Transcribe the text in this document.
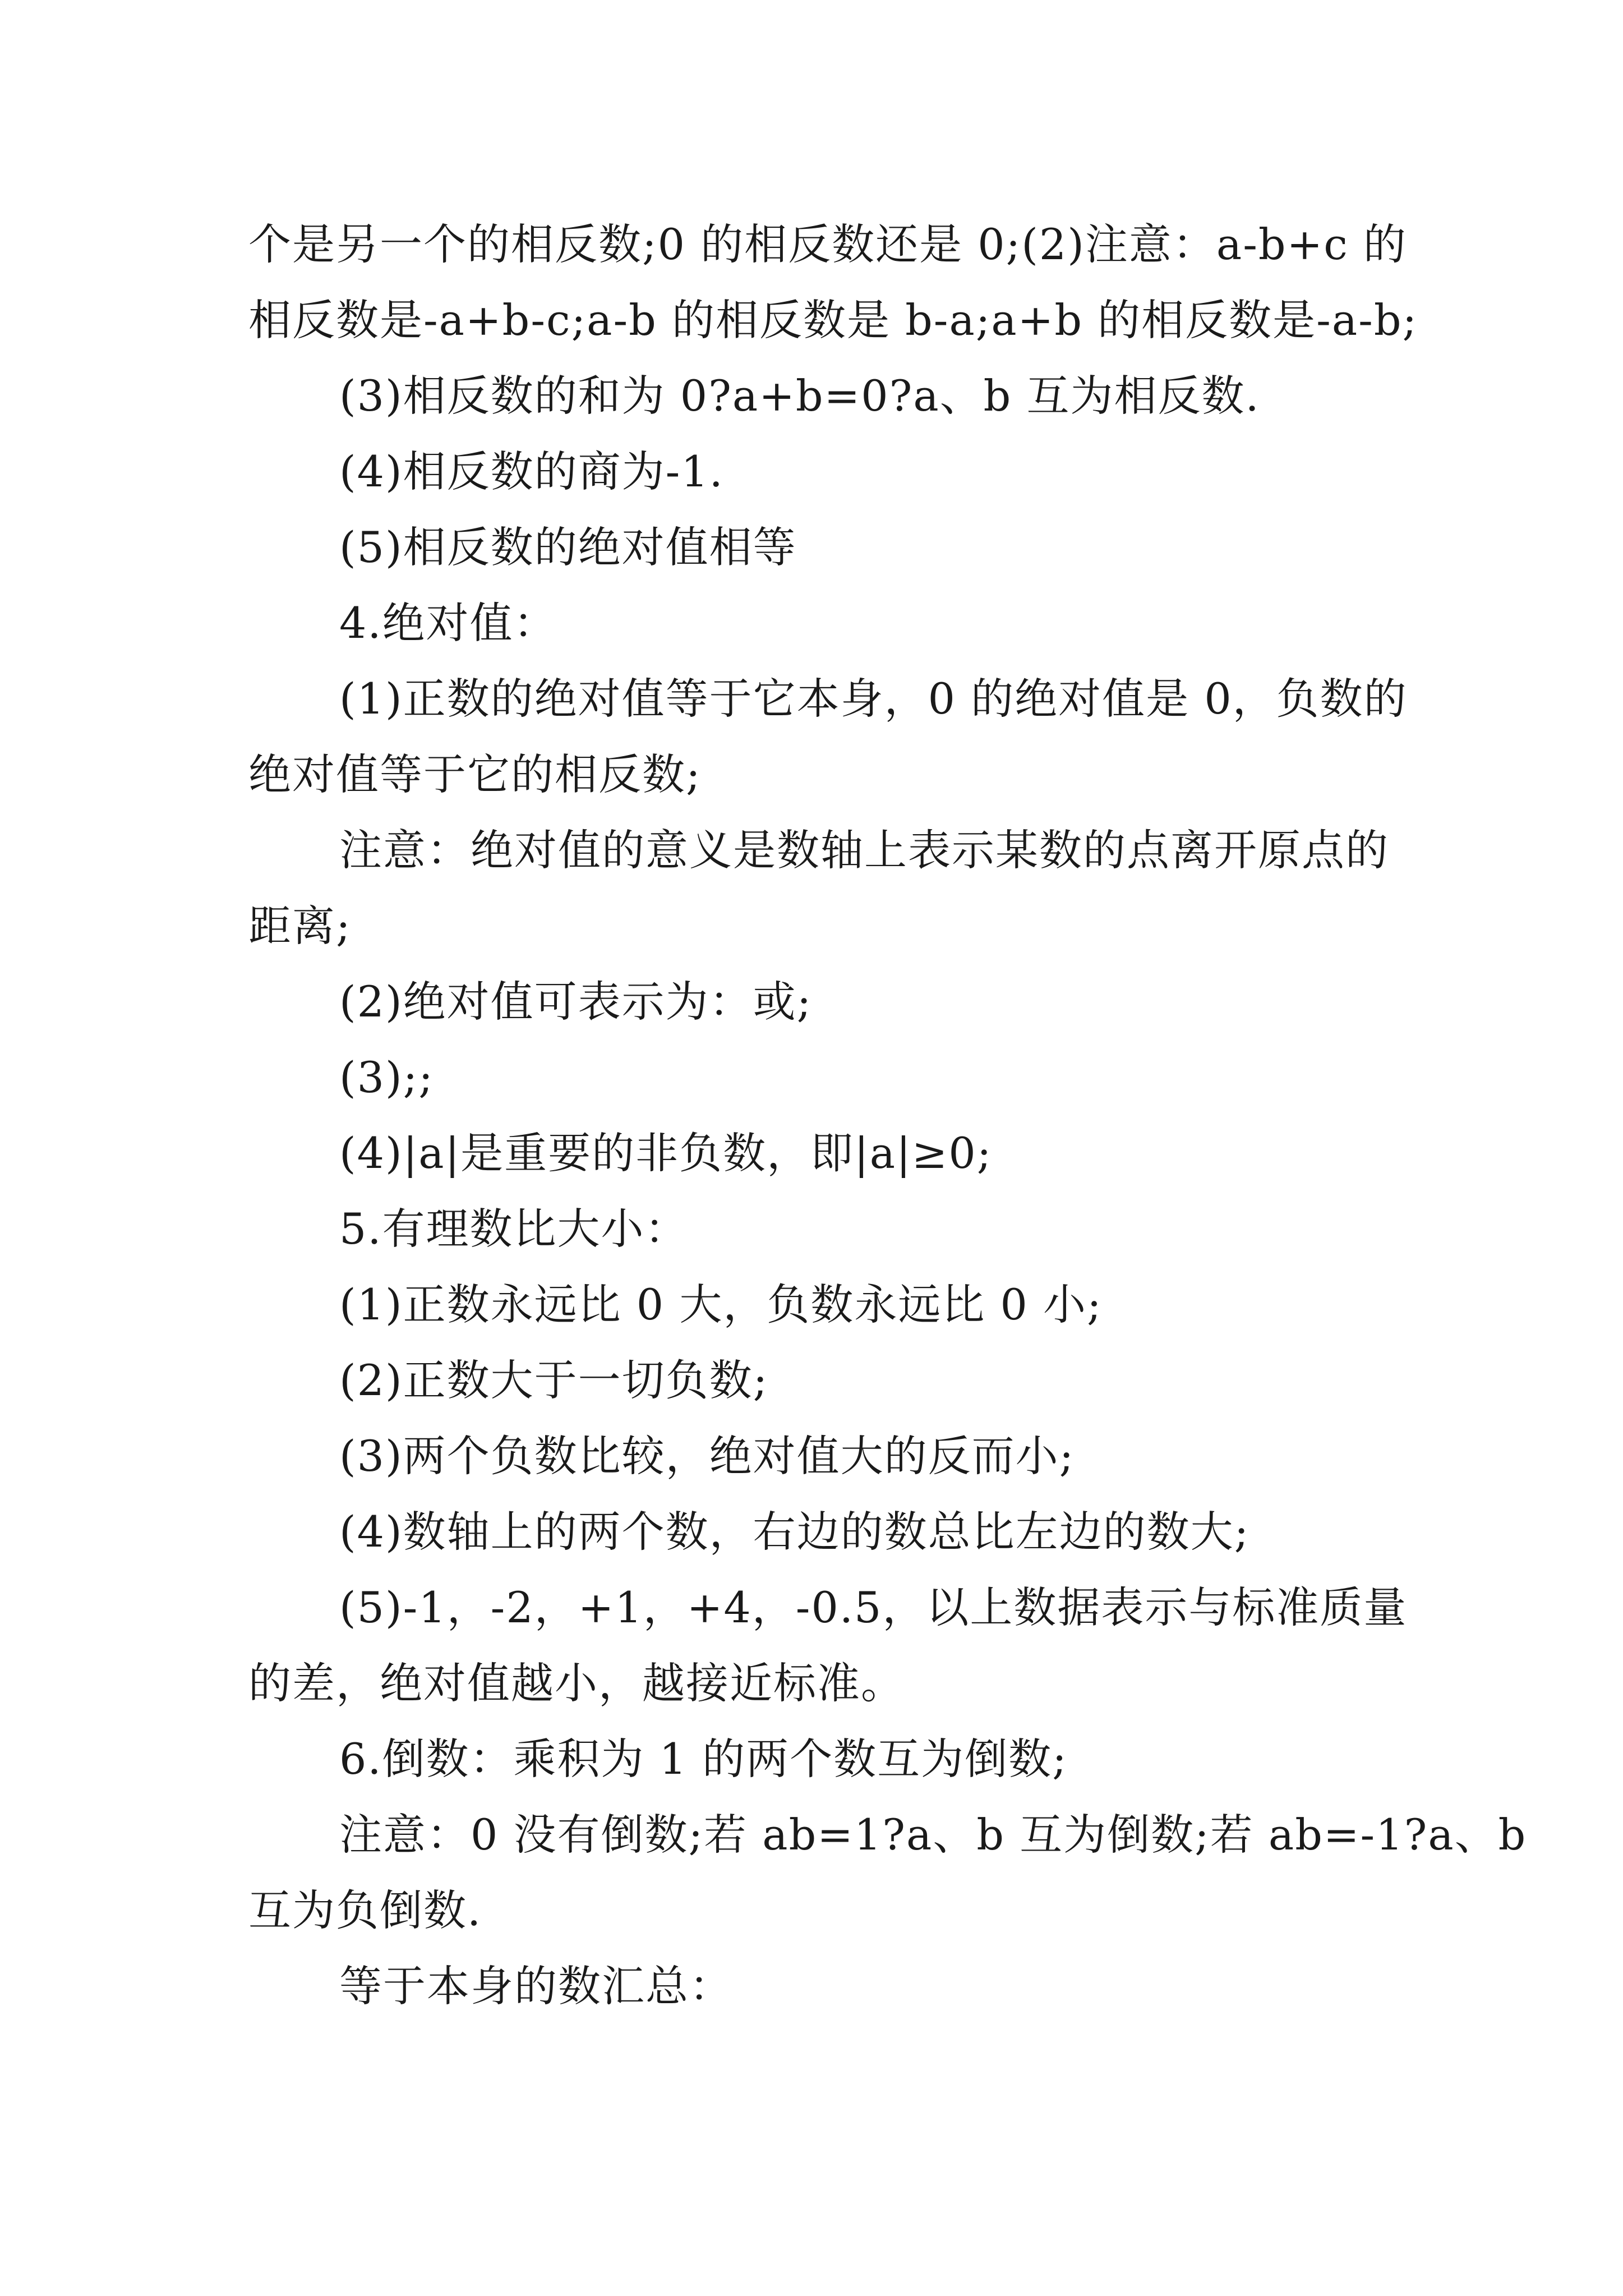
个是另一个的相反数;0 的相反数还是 0;(2)注意：a-b+c 的
相反数是-a+b-c;a-b 的相反数是 b-a;a+b 的相反数是-a-b;
(3)相反数的和为 0?a+b=0?a、b 互为相反数.
(4)相反数的商为-1.
(5)相反数的绝对值相等
4.绝对值：
(1)正数的绝对值等于它本身，0 的绝对值是 0，负数的
绝对值等于它的相反数;
注意：绝对值的意义是数轴上表示某数的点离开原点的
距离;
(2)绝对值可表示为：或;
(3);;
(4)|a|是重要的非负数，即|a|≥0;
5.有理数比大小：
(1)正数永远比 0 大，负数永远比 0 小;
(2)正数大于一切负数;
(3)两个负数比较，绝对值大的反而小;
(4)数轴上的两个数，右边的数总比左边的数大;
(5)-1，-2，+1，+4，-0.5，以上数据表示与标准质量
的差，绝对值越小，越接近标准。
6.倒数：乘积为 1 的两个数互为倒数;
注意：0 没有倒数;若 ab=1?a、b 互为倒数;若 ab=-1?a、b
互为负倒数.
等于本身的数汇总：
